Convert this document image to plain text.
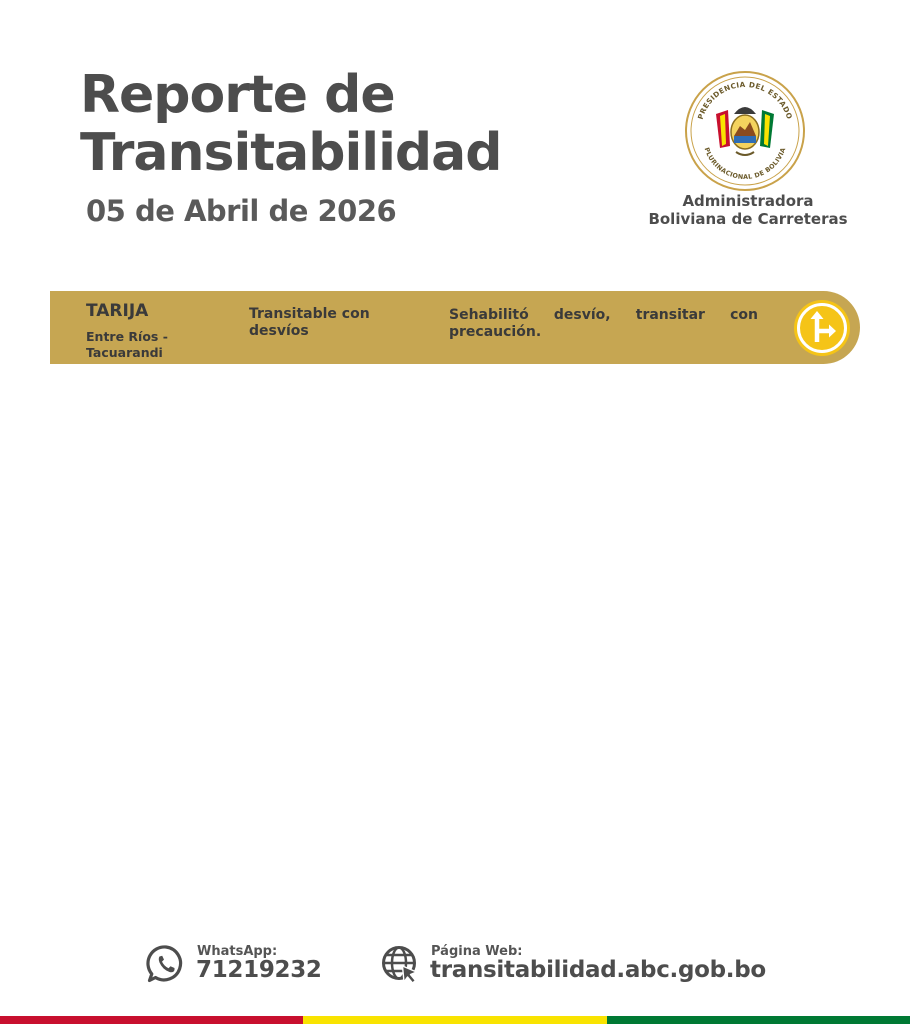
Reporte de
Transitabilidad
05 de Abril de 2026
PRESIDENCIA DEL ESTADO
PLURINACIONAL DE BOLIVIA
Administradora
Boliviana de Carreteras
TARIJA
Entre Ríos - Tacuarandi
Transitable con desvíos
Sehabilitó desvío, transitar con precaución.
WhatsApp:
71219232
Página Web:
transitabilidad.abc.gob.bo
